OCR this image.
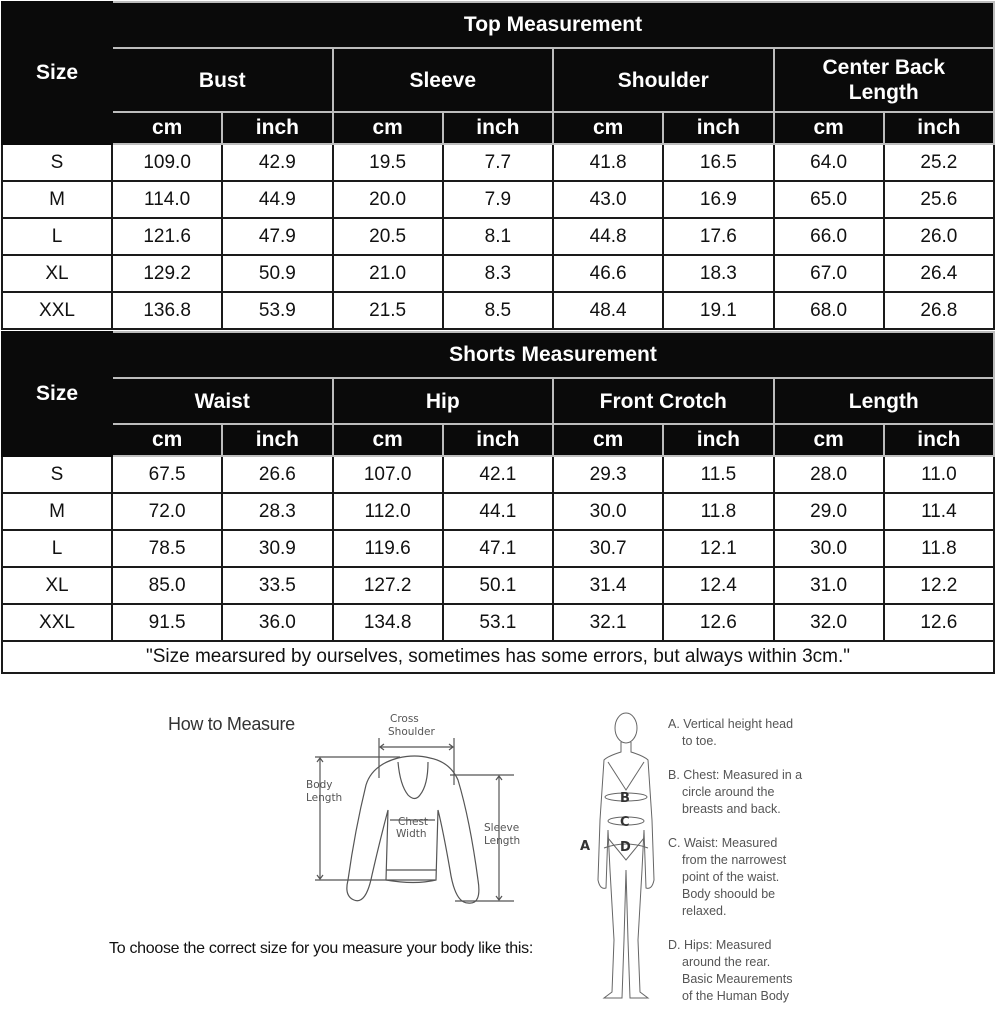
Size	Top Measurement							
	Bust		Sleeve		Shoulder		Center Back Length	
	cm	inch	cm	inch	cm	inch	cm	inch
S	109.0	42.9	19.5	7.7	41.8	16.5	64.0	25.2
M	114.0	44.9	20.0	7.9	43.0	16.9	65.0	25.6
L	121.6	47.9	20.5	8.1	44.8	17.6	66.0	26.0
XL	129.2	50.9	21.0	8.3	46.6	18.3	67.0	26.4
XXL	136.8	53.9	21.5	8.5	48.4	19.1	68.0	26.8
Size	Shorts Measurement							
	Waist		Hip		Front Crotch		Length	
	cm	inch	cm	inch	cm	inch	cm	inch
S	67.5	26.6	107.0	42.1	29.3	11.5	28.0	11.0
M	72.0	28.3	112.0	44.1	30.0	11.8	29.0	11.4
L	78.5	30.9	119.6	47.1	30.7	12.1	30.0	11.8
XL	85.0	33.5	127.2	50.1	31.4	12.4	31.0	12.2
XXL	91.5	36.0	134.8	53.1	32.1	12.6	32.0	12.6
"Size mearsured by ourselves, sometimes has some errors, but always within 3cm."								
How to Measure	Cross
Shoulder
Body
Length
Chest
Width	Sleeve
Length
To choose the correct size for you measure your body like this:
B
C
D
A
A. Vertical height head
to toe.
B. Chest: Measured in a
circle around the
breasts and back.
C. Waist: Measured
from the narrowest
point of the waist.
Body shoould be
relaxed.
D. Hips: Measured
around the rear.
Basic Meaurements
of the Human Body
